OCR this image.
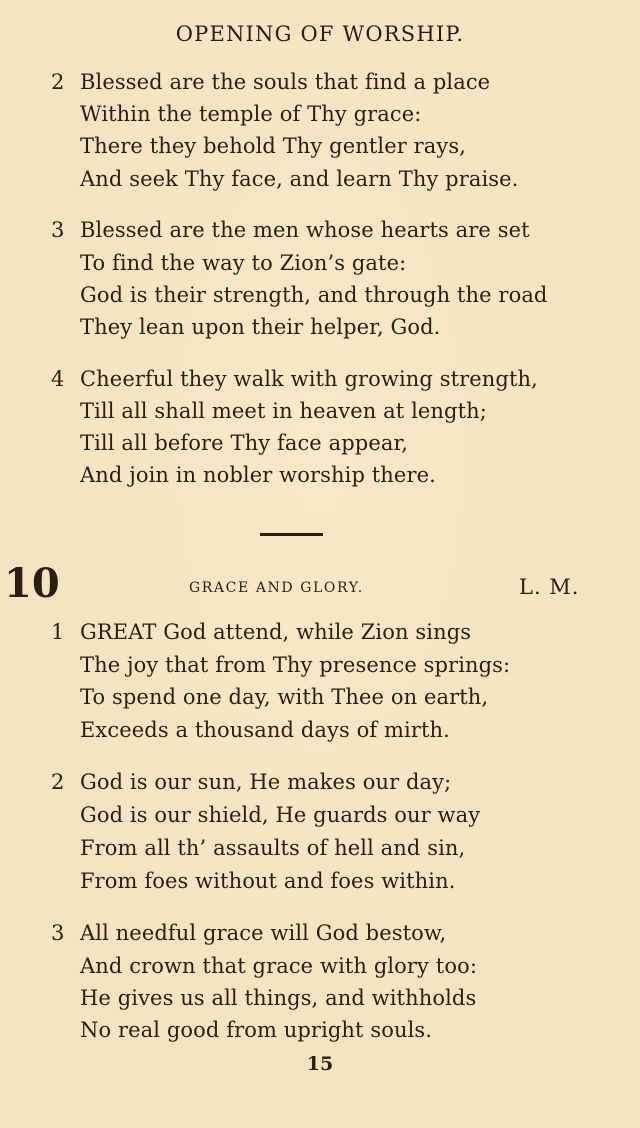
OPENING OF WORSHIP.
2 Blessed are the souls that find a place
Within the temple of Thy grace:
There they behold Thy gentler rays,
And seek Thy face, and learn Thy praise.
3 Blessed are the men whose hearts are set
To find the way to Zion’s gate:
God is their strength, and through the road
They lean upon their helper, God.
4 Cheerful they walk with growing strength,
Till all shall meet in heaven at length;
Till all before Thy face appear,
And join in nobler worship there.
10	GRACE AND GLORY.	L. M.
1 GREAT God attend, while Zion sings
The joy that from Thy presence springs:
To spend one day, with Thee on earth,
Exceeds a thousand days of mirth.
2 God is our sun, He makes our day;
God is our shield, He guards our way
From all th’ assaults of hell and sin,
From foes without and foes within.
3 All needful grace will God bestow,
And crown that grace with glory too:
He gives us all things, and withholds
No real good from upright souls.
15
